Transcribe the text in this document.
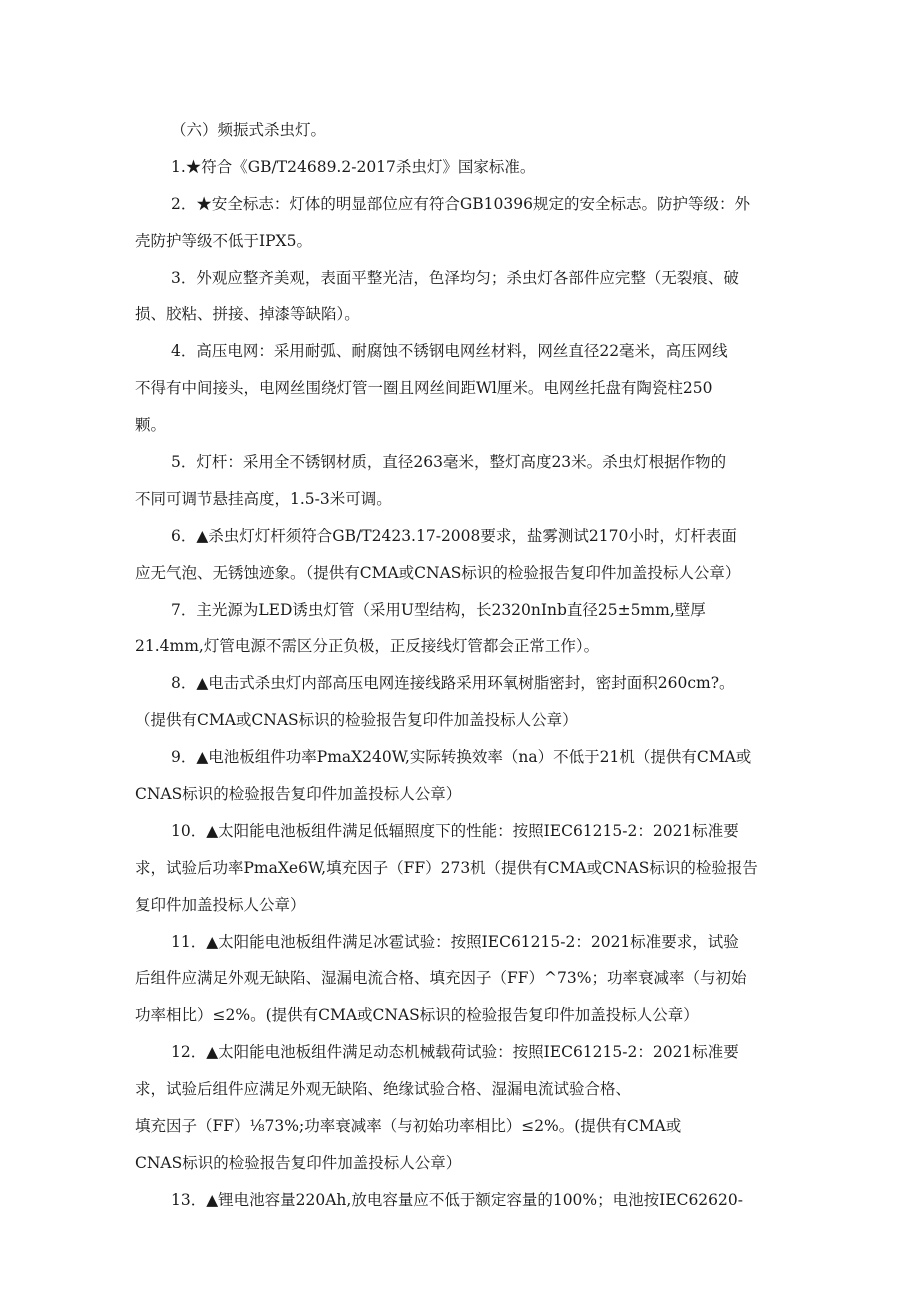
（六）频振式杀虫灯。
1.★符合《GB/T24689.2-2017杀虫灯》国家标准。
2．★安全标志：灯体的明显部位应有符合GB10396规定的安全标志。防护等级：外
壳防护等级不低于IPX5。
3．外观应整齐美观，表面平整光洁，色泽均匀；杀虫灯各部件应完整（无裂痕、破
损、胶粘、拼接、掉漆等缺陷）。
4．高压电网：采用耐弧、耐腐蚀不锈钢电网丝材料，网丝直径22毫米，高压网线
不得有中间接头，电网丝围绕灯管一圈且网丝间距Wl厘米。电网丝托盘有陶瓷柱250
颗。
5．灯杆：采用全不锈钢材质，直径263毫米，整灯高度23米。杀虫灯根据作物的
不同可调节悬挂高度，1.5-3米可调。
6．▲杀虫灯灯杆须符合GB/T2423.17-2008要求，盐雾测试2170小时，灯杆表面
应无气泡、无锈蚀迹象。（提供有CMA或CNAS标识的检验报告复印件加盖投标人公章）
7．主光源为LED诱虫灯管（采用U型结构，长2320nInb直径25±5mm,壁厚
21.4mm,灯管电源不需区分正负极，正反接线灯管都会正常工作）。
8．▲电击式杀虫灯内部高压电网连接线路采用环氧树脂密封，密封面积260cm?。
（提供有CMA或CNAS标识的检验报告复印件加盖投标人公章）
9．▲电池板组件功率PmaX240W,实际转换效率（na）不低于21机（提供有CMA或
CNAS标识的检验报告复印件加盖投标人公章）
10．▲太阳能电池板组件满足低辐照度下的性能：按照IEC61215-2：2021标准要
求，试验后功率PmaXe6W,填充因子（FF）273机（提供有CMA或CNAS标识的检验报告
复印件加盖投标人公章）
11．▲太阳能电池板组件满足冰雹试验：按照IEC61215-2：2021标准要求，试验
后组件应满足外观无缺陷、湿漏电流合格、填充因子（FF）^73%；功率衰减率（与初始
功率相比）≤2%。(提供有CMA或CNAS标识的检验报告复印件加盖投标人公章）
12．▲太阳能电池板组件满足动态机械载荷试验：按照IEC61215-2：2021标准要
求，试验后组件应满足外观无缺陷、绝缘试验合格、湿漏电流试验合格、
填充因子（FF）⅛73%;功率衰减率（与初始功率相比）≤2%。(提供有CMA或
CNAS标识的检验报告复印件加盖投标人公章）
13．▲锂电池容量220Ah,放电容量应不低于额定容量的100%；电池按IEC62620-
